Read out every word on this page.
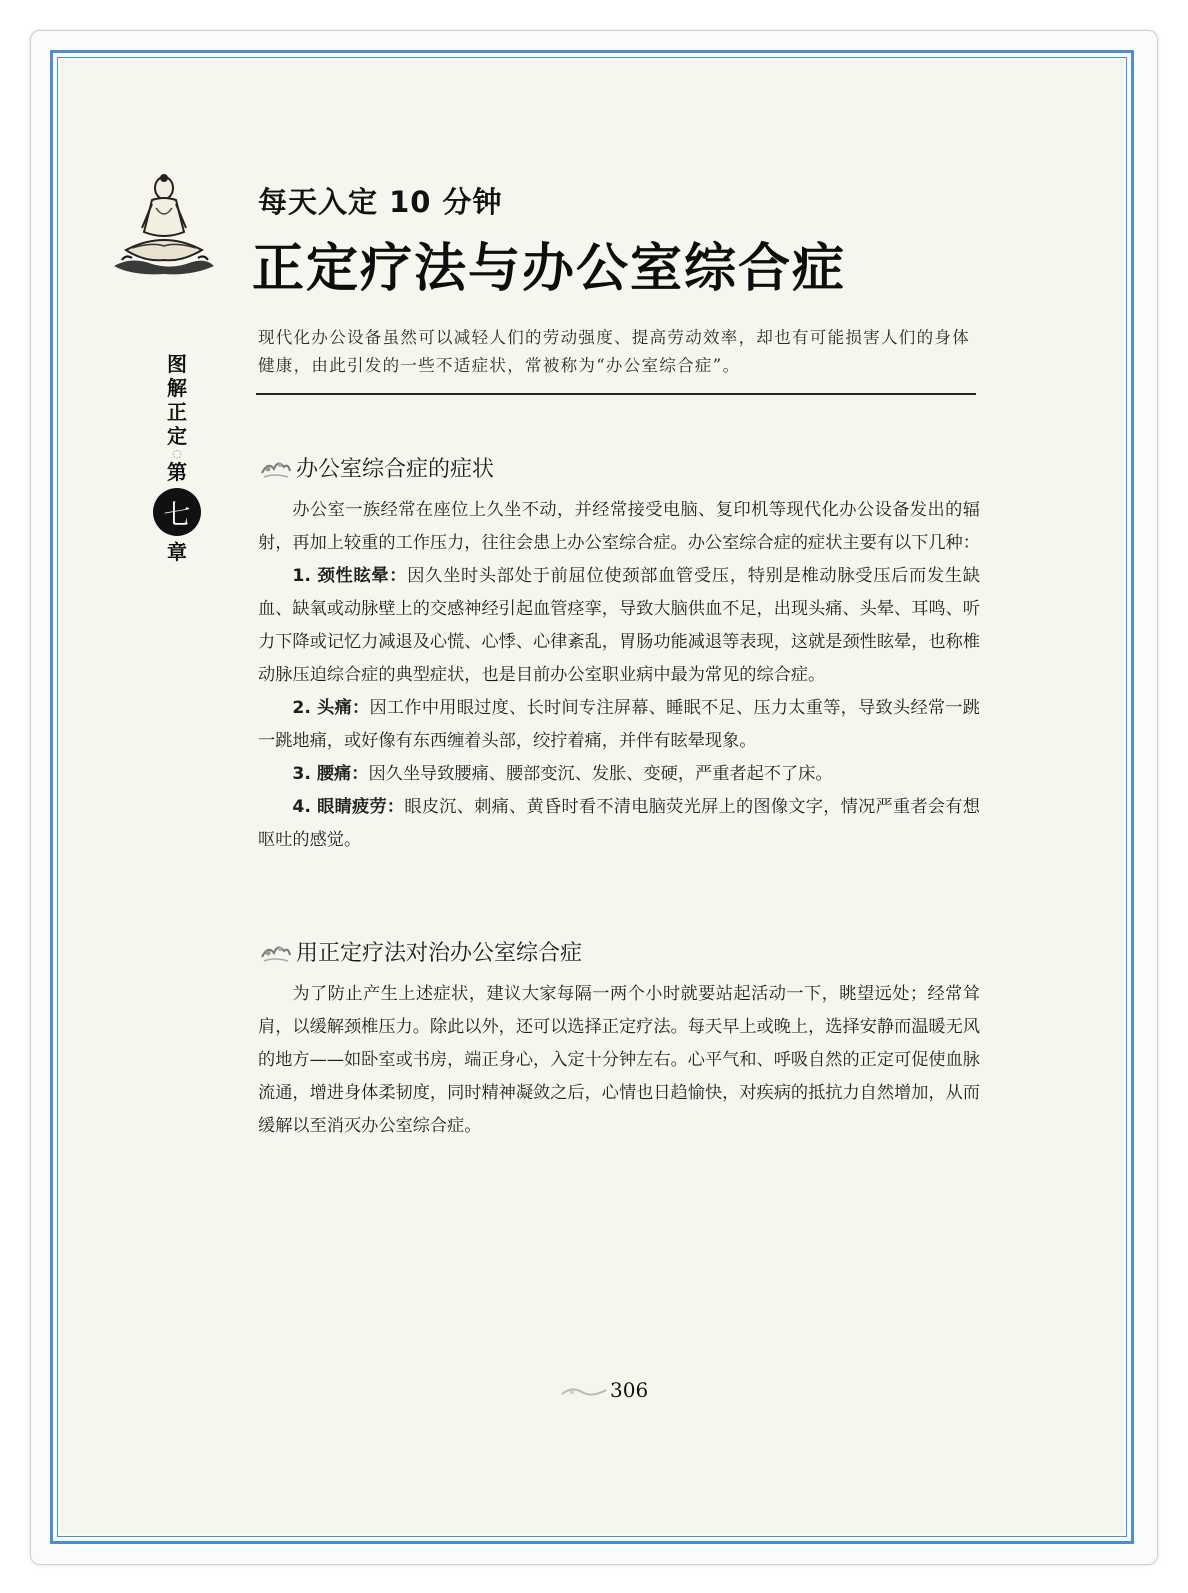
图
解
正
定
◌
第
七
章
每天入定 10 分钟
正定疗法与办公室综合症
现代化办公设备虽然可以减轻人们的劳动强度、提高劳动效率，却也有可能损害人们的身体健康，由此引发的一些不适症状，常被称为“办公室综合症”。
办公室综合症的症状

办公室一族经常在座位上久坐不动，并经常接受电脑、复印机等现代化办公设备发出的辐射，再加上较重的工作压力，往往会患上办公室综合症。办公室综合症的症状主要有以下几种：

1. 颈性眩晕：因久坐时头部处于前屈位使颈部血管受压，特别是椎动脉受压后而发生缺血、缺氧或动脉壁上的交感神经引起血管痉挛，导致大脑供血不足，出现头痛、头晕、耳鸣、听力下降或记忆力减退及心慌、心悸、心律紊乱，胃肠功能减退等表现，这就是颈性眩晕，也称椎动脉压迫综合症的典型症状，也是目前办公室职业病中最为常见的综合症。

2. 头痛：因工作中用眼过度、长时间专注屏幕、睡眠不足、压力太重等，导致头经常一跳一跳地痛，或好像有东西缠着头部，绞拧着痛，并伴有眩晕现象。

3. 腰痛：因久坐导致腰痛、腰部变沉、发胀、变硬，严重者起不了床。

4. 眼睛疲劳：眼皮沉、刺痛、黄昏时看不清电脑荧光屏上的图像文字，情况严重者会有想呕吐的感觉。

用正定疗法对治办公室综合症

为了防止产生上述症状，建议大家每隔一两个小时就要站起活动一下，眺望远处；经常耸肩，以缓解颈椎压力。除此以外，还可以选择正定疗法。每天早上或晚上，选择安静而温暖无风的地方——如卧室或书房，端正身心，入定十分钟左右。心平气和、呼吸自然的正定可促使血脉流通，增进身体柔韧度，同时精神凝敛之后，心情也日趋愉快，对疾病的抵抗力自然增加，从而缓解以至消灭办公室综合症。

306
